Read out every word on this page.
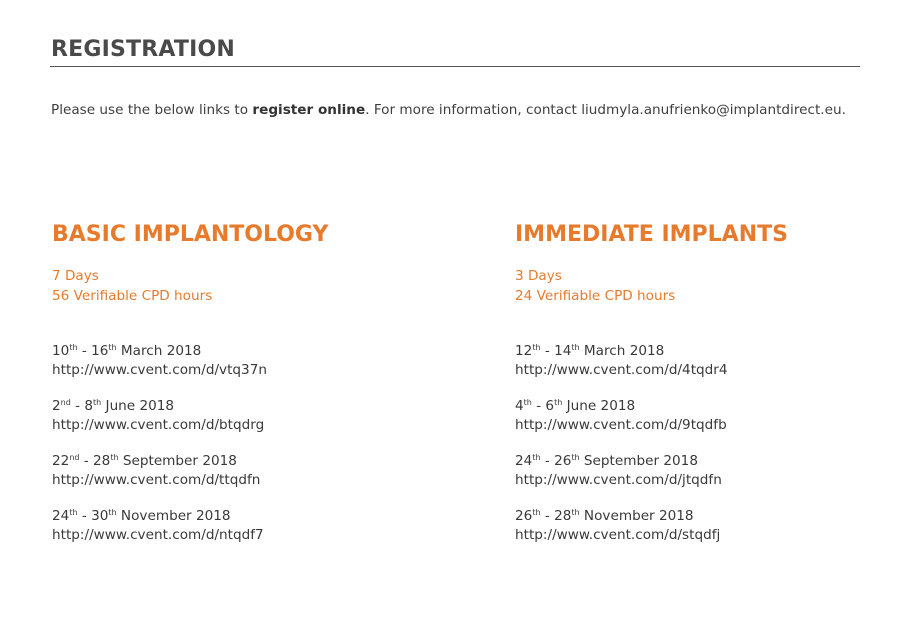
REGISTRATION

Please use the below links to register online. For more information, contact liudmyla.anufrienko@implantdirect.eu.

BASIC IMPLANTOLOGY
7 Days
56 Verifiable CPD hours
10th - 16th March 2018
http://www.cvent.com/d/vtq37n
2nd - 8th June 2018
http://www.cvent.com/d/btqdrg
22nd - 28th September 2018
http://www.cvent.com/d/ttqdfn
24th - 30th November 2018
http://www.cvent.com/d/ntqdf7
IMMEDIATE IMPLANTS
3 Days
24 Verifiable CPD hours
12th - 14th March 2018
http://www.cvent.com/d/4tqdr4
4th - 6th June 2018
http://www.cvent.com/d/9tqdfb
24th - 26th September 2018
http://www.cvent.com/d/jtqdfn
26th - 28th November 2018
http://www.cvent.com/d/stqdfj
